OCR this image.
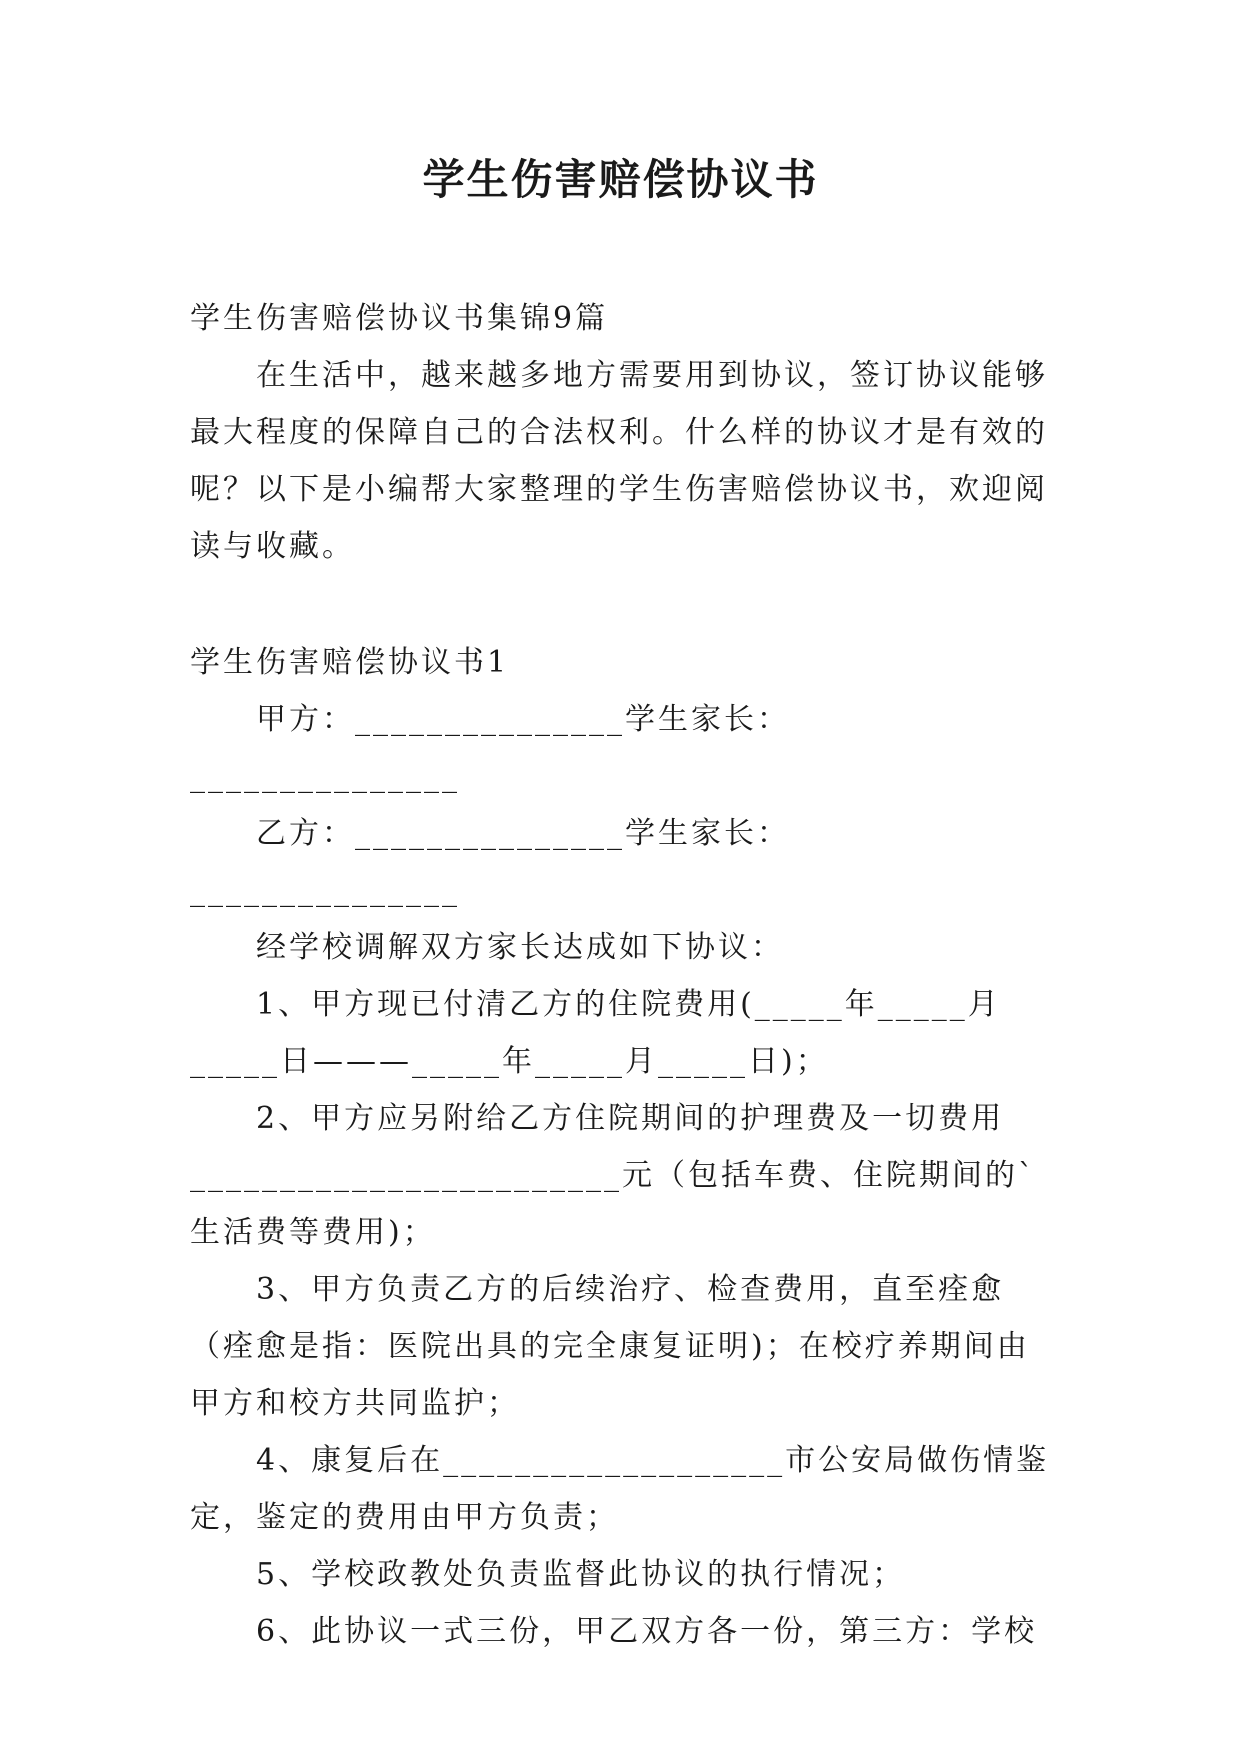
学生伤害赔偿协议书

学生伤害赔偿协议书集锦9篇

在生活中，越来越多地方需要用到协议，签订协议能够最大程度的保障自己的合法权利。什么样的协议才是有效的呢？以下是小编帮大家整理的学生伤害赔偿协议书，欢迎阅读与收藏。

学生伤害赔偿协议书1

甲方：_______________学生家长：_______________

乙方：_______________学生家长：_______________

经学校调解双方家长达成如下协议：

1、甲方现已付清乙方的住院费用(_____年_____月_____日———_____年_____月_____日)；

2、甲方应另附给乙方住院期间的护理费及一切费用________________________元（包括车费、住院期间的`生活费等费用)；

3、甲方负责乙方的后续治疗、检查费用，直至痊愈（痊愈是指：医院出具的完全康复证明)；在校疗养期间由甲方和校方共同监护；

4、康复后在___________________市公安局做伤情鉴定，鉴定的费用由甲方负责；

5、学校政教处负责监督此协议的执行情况；

6、此协议一式三份，甲乙双方各一份，第三方：学校
